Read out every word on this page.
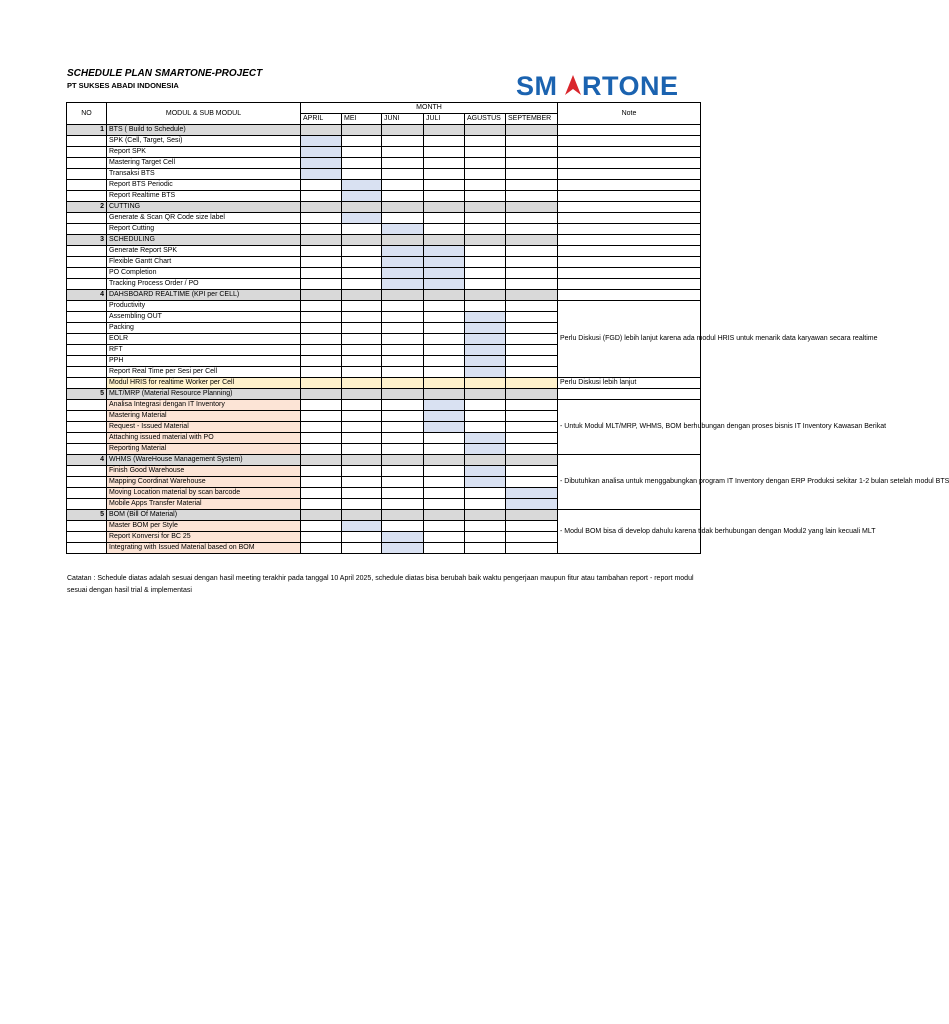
SCHEDULE PLAN SMARTONE-PROJECT
PT SUKSES ABADI INDONESIA	SM RTONE
NO	MODUL & SUB MODUL	MONTH						Note
		APRIL	MEI	JUNI	JULI	AGUSTUS	SEPTEMBER	
1	BTS ( Build to Schedule)							
	SPK (Cell, Target, Sesi)							
	Report SPK							
	Mastering Target Cell							
	Transaksi BTS							
	Report BTS Periodic							
	Report Realtime BTS							
2	CUTTING							
	Generate & Scan QR Code size label							
	Report Cutting							
3	SCHEDULING							
	Generate Report SPK							
	Flexible Gantt Chart							
	PO Completion							
	Tracking Process Order / PO							
4	DAHSBOARD REALTIME (KPI per CELL)							
	Productivity							Perlu Diskusi (FGD) lebih lanjut karena ada modul HRIS untuk menarik data karyawan secara realtime
	Assembling OUT							
	Packing							
	EOLR							
	RFT							
	PPH							
	Report Real Time per Sesi per Cell							
	Modul HRIS for realtime Worker per Cell							Perlu Diskusi lebih lanjut
5	MLT/MRP (Material Resource Planning)							
	Analisa Integrasi dengan IT Inventory							- Untuk Modul MLT/MRP, WHMS, BOM berhubungan dengan proses bisnis IT Inventory Kawasan Berikat
	Mastering Material							
	Request - Issued Material							
	Attaching issued material with PO							
	Reporting Material							
4	WHMS (WareHouse Management System)							- Dibutuhkan analisa untuk menggabungkan program IT Inventory dengan ERP Produksi sekitar 1-2 bulan setelah modul BTS
	Finish Good Warehouse							
	Mapping Coordinat Warehouse							
	Moving Location material by scan barcode							
	Mobile Apps Transfer Material							
5	BOM (Bill Of Material)							- Modul BOM bisa di develop dahulu karena tidak berhubungan dengan Modul2 yang lain kecuali MLT
	Master BOM per Style							
	Report Konversi for BC 25							
	Integrating with Issued Material based on BOM							
Catatan : Schedule diatas adalah sesuai dengan hasil meeting terakhir pada tanggal 10 April 2025, schedule diatas bisa berubah baik waktu pengerjaan maupun fitur atau tambahan report - report modul sesuai dengan hasil trial & implementasi
